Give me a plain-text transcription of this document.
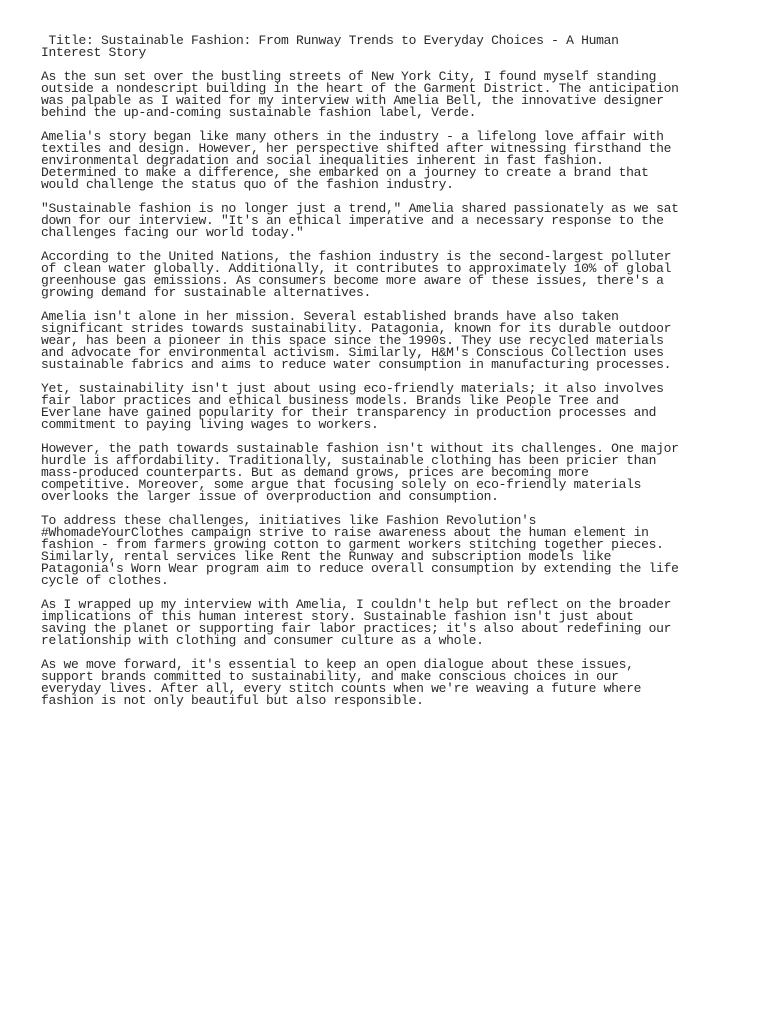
Title: Sustainable Fashion: From Runway Trends to Everyday Choices - A Human
Interest Story

As the sun set over the bustling streets of New York City, I found myself standing
outside a nondescript building in the heart of the Garment District. The anticipation
was palpable as I waited for my interview with Amelia Bell, the innovative designer
behind the up-and-coming sustainable fashion label, Verde.

Amelia's story began like many others in the industry - a lifelong love affair with
textiles and design. However, her perspective shifted after witnessing firsthand the
environmental degradation and social inequalities inherent in fast fashion.
Determined to make a difference, she embarked on a journey to create a brand that
would challenge the status quo of the fashion industry.

"Sustainable fashion is no longer just a trend," Amelia shared passionately as we sat
down for our interview. "It's an ethical imperative and a necessary response to the
challenges facing our world today."

According to the United Nations, the fashion industry is the second-largest polluter
of clean water globally. Additionally, it contributes to approximately 10% of global
greenhouse gas emissions. As consumers become more aware of these issues, there's a
growing demand for sustainable alternatives.

Amelia isn't alone in her mission. Several established brands have also taken
significant strides towards sustainability. Patagonia, known for its durable outdoor
wear, has been a pioneer in this space since the 1990s. They use recycled materials
and advocate for environmental activism. Similarly, H&M's Conscious Collection uses
sustainable fabrics and aims to reduce water consumption in manufacturing processes.

Yet, sustainability isn't just about using eco-friendly materials; it also involves
fair labor practices and ethical business models. Brands like People Tree and
Everlane have gained popularity for their transparency in production processes and
commitment to paying living wages to workers.

However, the path towards sustainable fashion isn't without its challenges. One major
hurdle is affordability. Traditionally, sustainable clothing has been pricier than
mass-produced counterparts. But as demand grows, prices are becoming more
competitive. Moreover, some argue that focusing solely on eco-friendly materials
overlooks the larger issue of overproduction and consumption.

To address these challenges, initiatives like Fashion Revolution's
#WhomadeYourClothes campaign strive to raise awareness about the human element in
fashion - from farmers growing cotton to garment workers stitching together pieces.
Similarly, rental services like Rent the Runway and subscription models like
Patagonia's Worn Wear program aim to reduce overall consumption by extending the life
cycle of clothes.

As I wrapped up my interview with Amelia, I couldn't help but reflect on the broader
implications of this human interest story. Sustainable fashion isn't just about
saving the planet or supporting fair labor practices; it's also about redefining our
relationship with clothing and consumer culture as a whole.

As we move forward, it's essential to keep an open dialogue about these issues,
support brands committed to sustainability, and make conscious choices in our
everyday lives. After all, every stitch counts when we're weaving a future where
fashion is not only beautiful but also responsible.
